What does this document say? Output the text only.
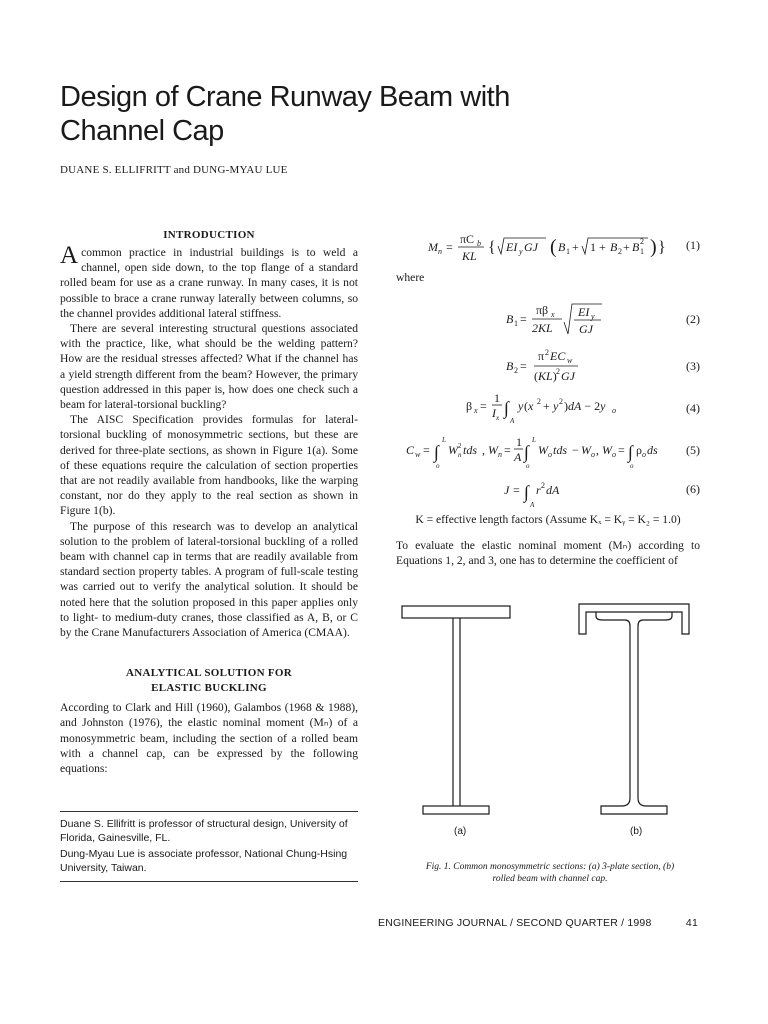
Design of Crane Runway Beam with Channel Cap
DUANE S. ELLIFRITT and DUNG-MYAU LUE
INTRODUCTION

A common practice in industrial buildings is to weld a channel, open side down, to the top flange of a standard rolled beam for use as a crane runway. In many cases, it is not possible to brace a crane runway laterally between columns, so the channel provides additional lateral stiffness.

There are several interesting structural questions associated with the practice, like, what should be the welding pattern? How are the residual stresses affected? What if the channel has a yield strength different from the beam? However, the primary question addressed in this paper is, how does one check such a beam for lateral-torsional buckling?

The AISC Specification provides formulas for lateral-torsional buckling of monosymmetric sections, but these are derived for three-plate sections, as shown in Figure 1(a). Some of these equations require the calculation of section properties that are not readily available from handbooks, like the warping constant, nor do they apply to the real section as shown in Figure 1(b).

The purpose of this research was to develop an analytical solution to the problem of lateral-torsional buckling of a rolled beam with channel cap in terms that are readily available from standard section property tables. A program of full-scale testing was carried out to verify the analytical solution. It should be noted here that the solution proposed in this paper applies only to light- to medium-duty cranes, those classified as A, B, or C by the Crane Manufacturers Association of America (CMAA).

ANALYTICAL SOLUTION FOR
ELASTIC BUCKLING

According to Clark and Hill (1960), Galambos (1968 & 1988), and Johnston (1976), the elastic nominal moment (Mₙ) of a monosymmetric beam, including the section of a rolled beam with a channel cap, can be expressed by the following equations:

Duane S. Ellifritt is professor of structural design, University of Florida, Gainesville, FL.

Dung-Myau Lue is associate professor, National Chung-Hsing University, Taiwan.

M n =
πC b
KL { EI y GJ ( B 1 + 1 + B 2 + B 2
1 ) } (1)
where
B 1 =
πβ x
2KL
EI y
GJ
(2)
B 2 =
π 2 EC w
(KL) 2 GJ
(3)
β x =
1
I x ∫
A
y (x 2 + y 2 )dA − 2y o	(4)
C w = ∫
L
o
W 2
n tds , W n =
1
A ∫
L
o
W o tds − W o , W o = ∫
o
ρ o ds (5)
J = ∫
A
r 2 dA	(6)
K = effective length factors (Assume Kₓ = Kᵧ = K₂ = 1.0)
To evaluate the elastic nominal moment (Mₙ) according to Equations 1, 2, and 3, one has to determine the coefficient of
(a)	(b)
Fig. 1. Common monosymmetric sections: (a) 3-plate section, (b) rolled beam with channel cap.
ENGINEERING JOURNAL / SECOND QUARTER / 1998	41
